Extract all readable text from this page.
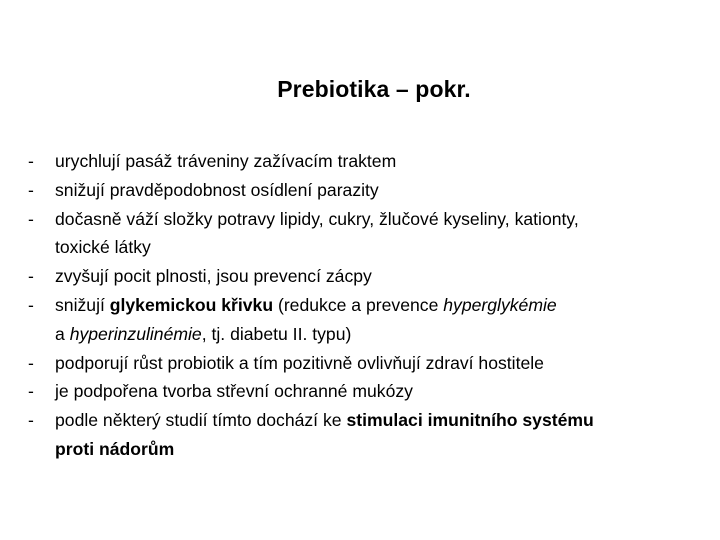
Prebiotika – pokr.
- urychlují pasáž tráveniny zažívacím traktem
- snižují pravděpodobnost osídlení parazity
- dočasně váží složky potravy lipidy, cukry, žlučové kyseliny, kationty,
toxické látky
- zvyšují pocit plnosti, jsou prevencí zácpy
- snižují glykemickou křivku (redukce a prevence hyperglykémie
a hyperinzulinémie, tj. diabetu II. typu)
- podporují růst probiotik a tím pozitivně ovlivňují zdraví hostitele
- je podpořena tvorba střevní ochranné mukózy
- podle některý studií tímto dochází ke stimulaci imunitního systému
proti nádorům
